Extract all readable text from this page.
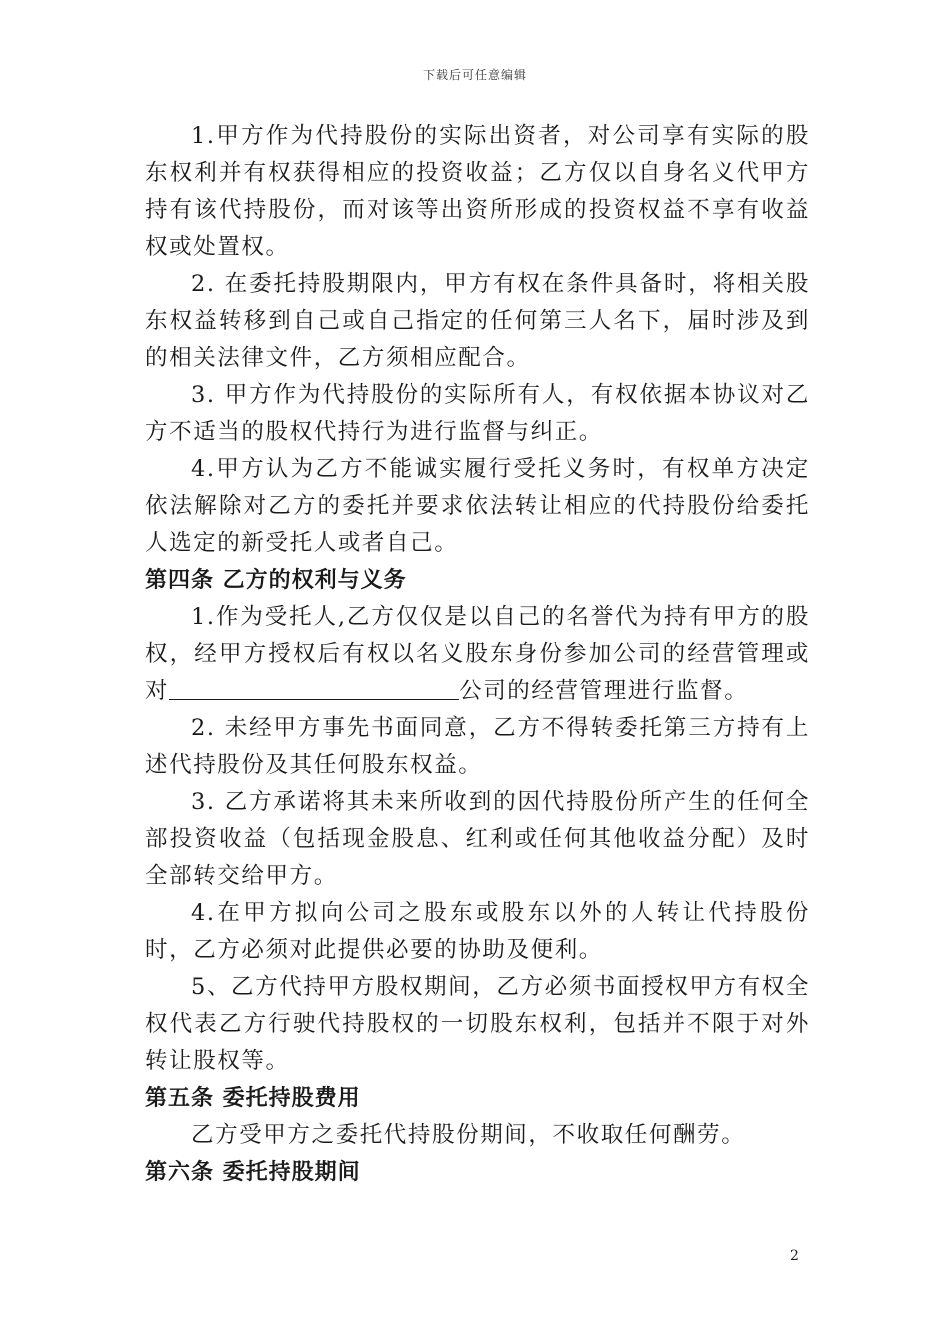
下载后可任意编辑

1.甲方作为代持股份的实际出资者，对公司享有实际的股东权利并有权获得相应的投资收益；乙方仅以自身名义代甲方持有该代持股份，而对该等出资所形成的投资权益不享有收益权或处置权。

2. 在委托持股期限内，甲方有权在条件具备时，将相关股东权益转移到自己或自己指定的任何第三人名下，届时涉及到的相关法律文件，乙方须相应配合。

3. 甲方作为代持股份的实际所有人，有权依据本协议对乙方不适当的股权代持行为进行监督与纠正。

4.甲方认为乙方不能诚实履行受托义务时，有权单方决定依法解除对乙方的委托并要求依法转让相应的代持股份给委托人选定的新受托人或者自己。

第四条 乙方的权利与义务

1.作为受托人,乙方仅仅是以自己的名誉代为持有甲方的股权，经甲方授权后有权以名义股东身份参加公司的经营管理或对	公司的经营管理进行监督。

2. 未经甲方事先书面同意，乙方不得转委托第三方持有上述代持股份及其任何股东权益。

3. 乙方承诺将其未来所收到的因代持股份所产生的任何全部投资收益（包括现金股息、红利或任何其他收益分配）及时全部转交给甲方。

4.在甲方拟向公司之股东或股东以外的人转让代持股份时，乙方必须对此提供必要的协助及便利。

5、乙方代持甲方股权期间，乙方必须书面授权甲方有权全权代表乙方行驶代持股权的一切股东权利，包括并不限于对外转让股权等。

第五条 委托持股费用

乙方受甲方之委托代持股份期间，不收取任何酬劳。

第六条 委托持股期间

2
